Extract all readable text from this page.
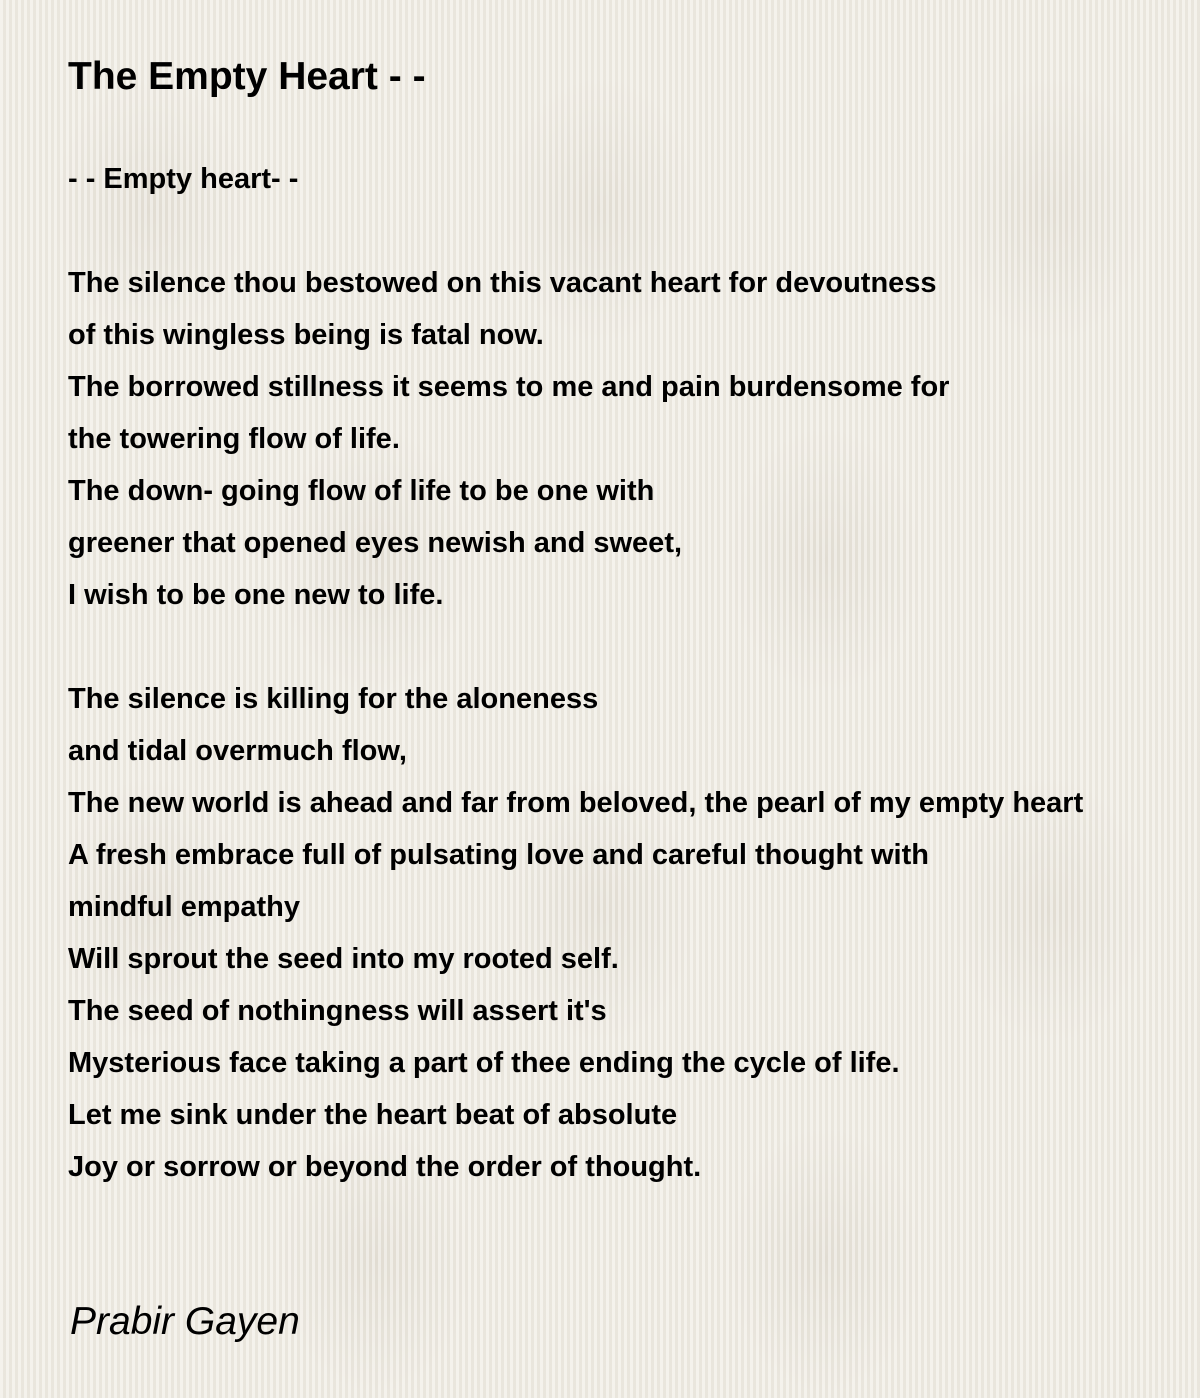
The Empty Heart - -
- - Empty heart- -
The silence thou bestowed on this vacant heart for devoutness
of this wingless being is fatal now.
The borrowed stillness it seems to me and pain burdensome for
the towering flow of life.
The down- going flow of life to be one with
greener that opened eyes newish and sweet,
I wish to be one new to life.
The silence is killing for the aloneness
and tidal overmuch flow,
The new world is ahead and far from beloved, the pearl of my empty heart
A fresh embrace full of pulsating love and careful thought with
mindful empathy
Will sprout the seed into my rooted self.
The seed of nothingness will assert it's
Mysterious face taking a part of thee ending the cycle of life.
Let me sink under the heart beat of absolute
Joy or sorrow or beyond the order of thought.
Prabir Gayen
